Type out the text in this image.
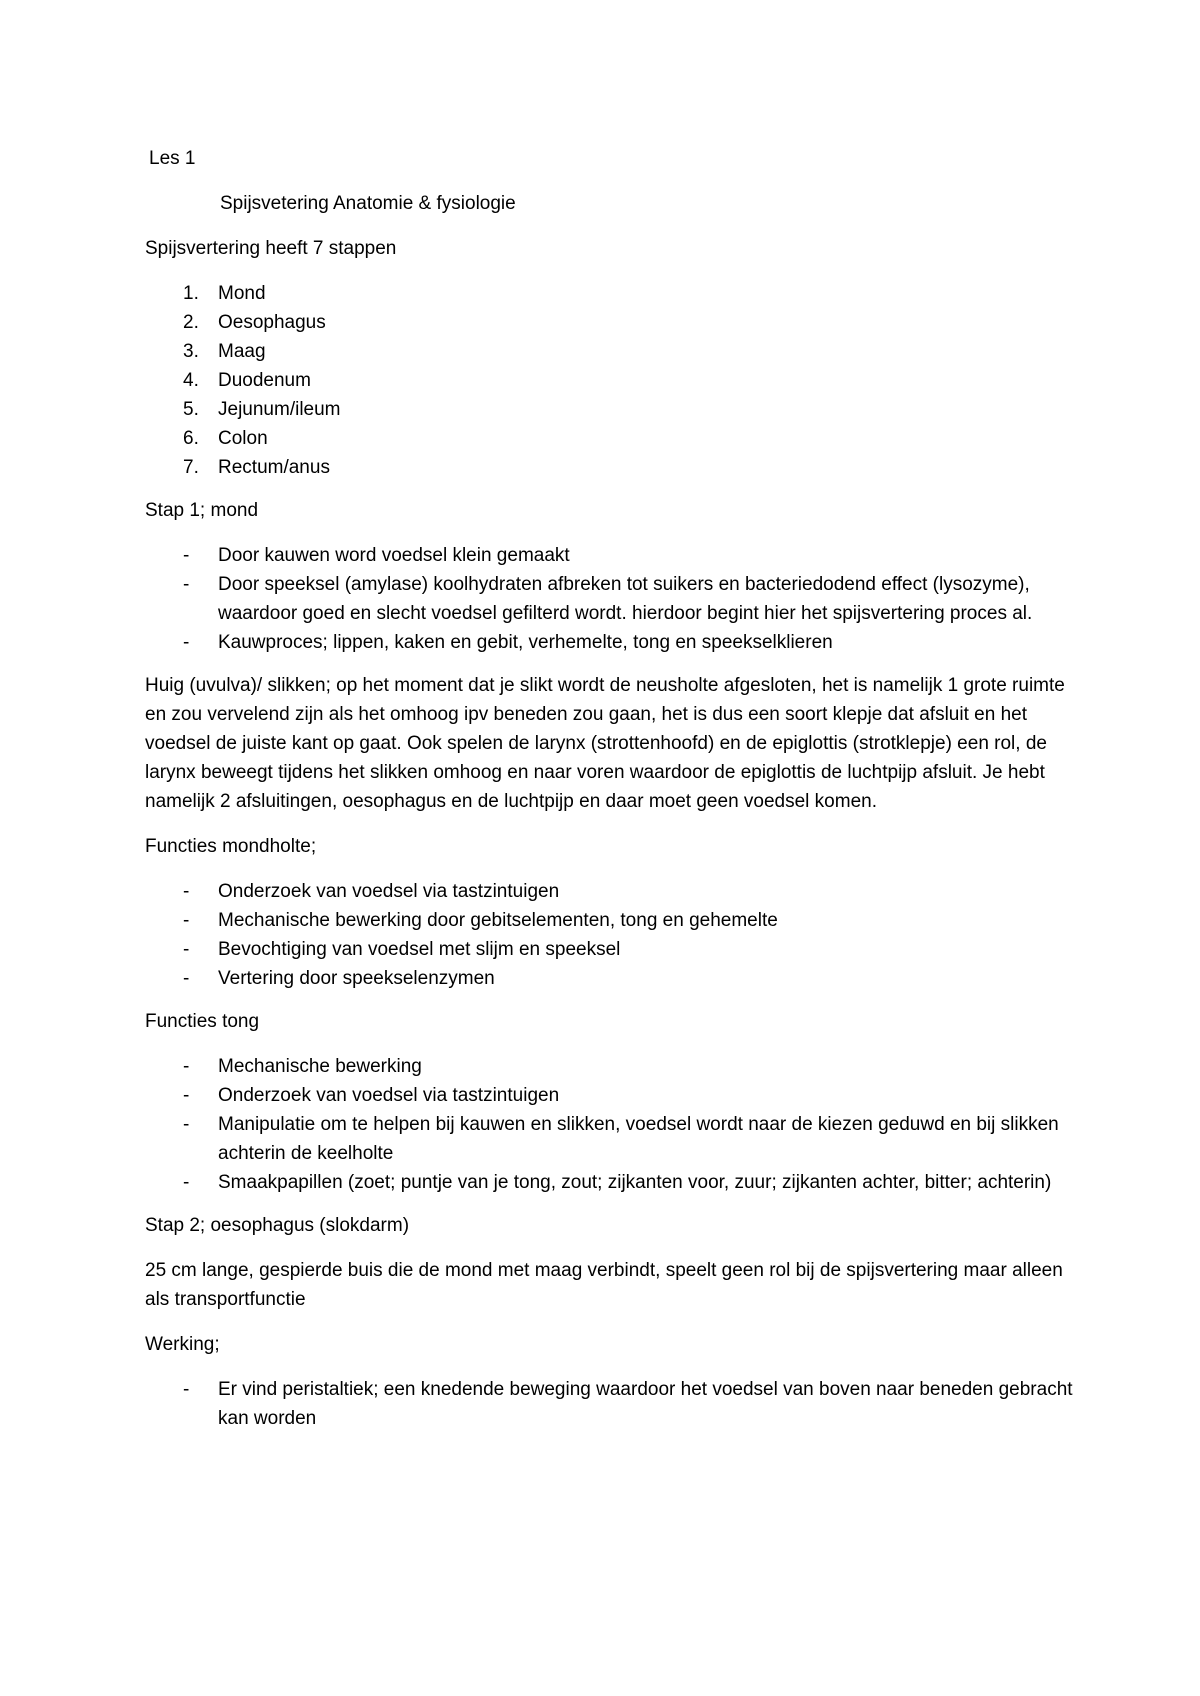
Les 1

Spijsvetering Anatomie & fysiologie

Spijsvertering heeft 7 stappen

1. Mond
2. Oesophagus
3. Maag
4. Duodenum
5. Jejunum/ileum
6. Colon
7. Rectum/anus

Stap 1; mond

- Door kauwen word voedsel klein gemaakt
- Door speeksel (amylase) koolhydraten afbreken tot suikers en bacteriedodend effect (lysozyme), waardoor goed en slecht voedsel gefilterd wordt. hierdoor begint hier het spijsvertering proces al.
- Kauwproces; lippen, kaken en gebit, verhemelte, tong en speekselklieren

Huig (uvulva)/ slikken; op het moment dat je slikt wordt de neusholte afgesloten, het is namelijk 1 grote ruimte en zou vervelend zijn als het omhoog ipv beneden zou gaan, het is dus een soort klepje dat afsluit en het voedsel de juiste kant op gaat. Ook spelen de larynx (strottenhoofd) en de epiglottis (strotklepje) een rol, de larynx beweegt tijdens het slikken omhoog en naar voren waardoor de epiglottis de luchtpijp afsluit. Je hebt namelijk 2 afsluitingen, oesophagus en de luchtpijp en daar moet geen voedsel komen.

Functies mondholte;

- Onderzoek van voedsel via tastzintuigen
- Mechanische bewerking door gebitselementen, tong en gehemelte
- Bevochtiging van voedsel met slijm en speeksel
- Vertering door speekselenzymen

Functies tong

- Mechanische bewerking
- Onderzoek van voedsel via tastzintuigen
- Manipulatie om te helpen bij kauwen en slikken, voedsel wordt naar de kiezen geduwd en bij slikken achterin de keelholte
- Smaakpapillen (zoet; puntje van je tong, zout; zijkanten voor, zuur; zijkanten achter, bitter; achterin)

Stap 2; oesophagus (slokdarm)

25 cm lange, gespierde buis die de mond met maag verbindt, speelt geen rol bij de spijsvertering maar alleen als transportfunctie

Werking;

- Er vind peristaltiek; een knedende beweging waardoor het voedsel van boven naar beneden gebracht kan worden
